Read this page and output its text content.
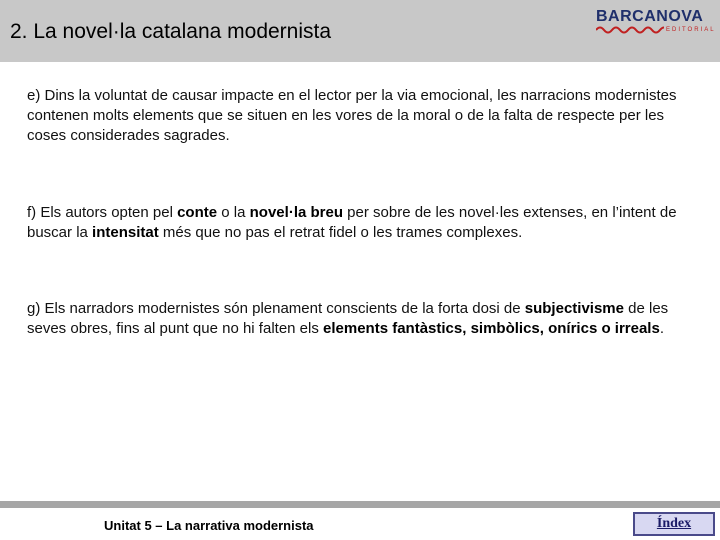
2. La novel·la catalana modernista
BARCANOVA
EDITORIAL
e) Dins la voluntat de causar impacte en el lector per la via emocional, les narracions modernistes contenen molts elements que se situen en les vores de la moral o de la falta de respecte per les coses considerades sagrades.
f) Els autors opten pel conte o la novel·la breu per sobre de les novel·les extenses, en l’intent de buscar la intensitat més que no pas el retrat fidel o les trames complexes.
g) Els narradors modernistes són plenament conscients de la forta dosi de subjectivisme de les seves obres, fins al punt que no hi falten els elements fantàstics, simbòlics, onírics o irreals.
Unitat 5 – La narrativa modernista	Índex
